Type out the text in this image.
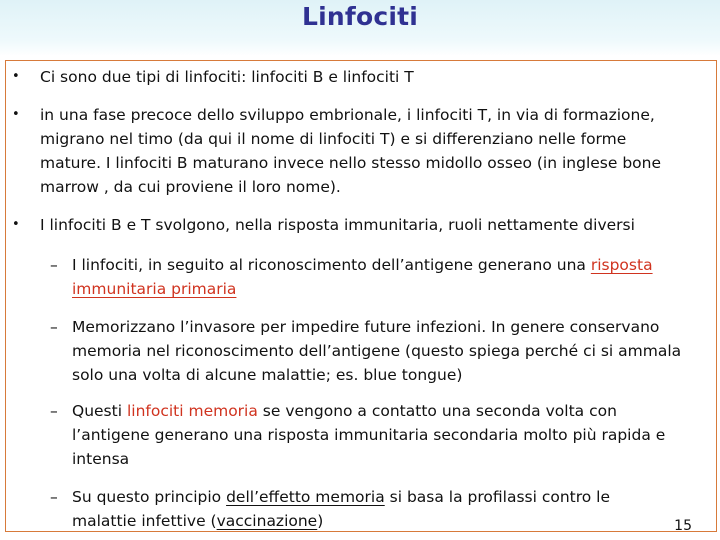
Linfociti
• Ci sono due tipi di linfociti: linfociti B e linfociti T
• in una fase precoce dello sviluppo embrionale, i linfociti T, in via di formazione,
migrano nel timo (da qui il nome di linfociti T) e si differenziano nelle forme
mature. I linfociti B maturano invece nello stesso midollo osseo (in inglese bone
marrow , da cui proviene il loro nome).
• I linfociti B e T svolgono, nella risposta immunitaria, ruoli nettamente diversi
– I linfociti, in seguito al riconoscimento dell’antigene generano una risposta
immunitaria primaria
– Memorizzano l’invasore per impedire future infezioni. In genere conservano
memoria nel riconoscimento dell’antigene (questo spiega perché ci si ammala
solo una volta di alcune malattie; es. blue tongue)
– Questi linfociti memoria se vengono a contatto una seconda volta con
l’antigene generano una risposta immunitaria secondaria molto più rapida e
intensa
– Su questo principio dell’effetto memoria si basa la profilassi contro le
malattie infettive (vaccinazione)	15
